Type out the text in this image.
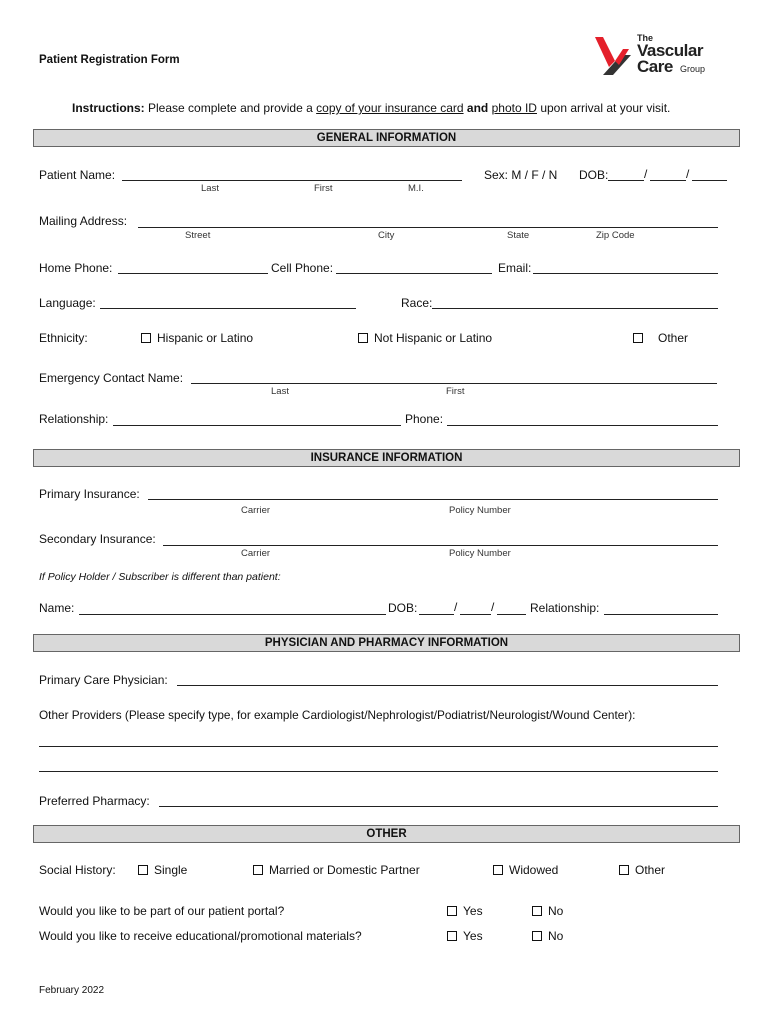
Patient Registration Form
The
Vascular
Care Group
Instructions: Please complete and provide a copy of your insurance card and photo ID upon arrival at your visit.
GENERAL INFORMATION
Patient Name:
Last	First	M.I.
Sex: M / F / N DOB:	/	/
Mailing Address:
Street	City	State	Zip Code
Home Phone:	Cell Phone:	Email:
Language:	Race:
Ethnicity:	Hispanic or Latino	Not Hispanic or Latino	Other
Emergency Contact Name:
Last	First
Relationship:	Phone:
INSURANCE INFORMATION
Primary Insurance:
Carrier	Policy Number
Secondary Insurance:
Carrier	Policy Number
If Policy Holder / Subscriber is different than patient:
Name:	DOB:	/	/	Relationship:
PHYSICIAN AND PHARMACY INFORMATION
Primary Care Physician:
Other Providers (Please specify type, for example Cardiologist/Nephrologist/Podiatrist/Neurologist/Wound Center):
Preferred Pharmacy:
OTHER
Social History:	Single	Married or Domestic Partner	Widowed	Other
Would you like to be part of our patient portal?	Yes	No
Would you like to receive educational/promotional materials?	Yes	No
February 2022
